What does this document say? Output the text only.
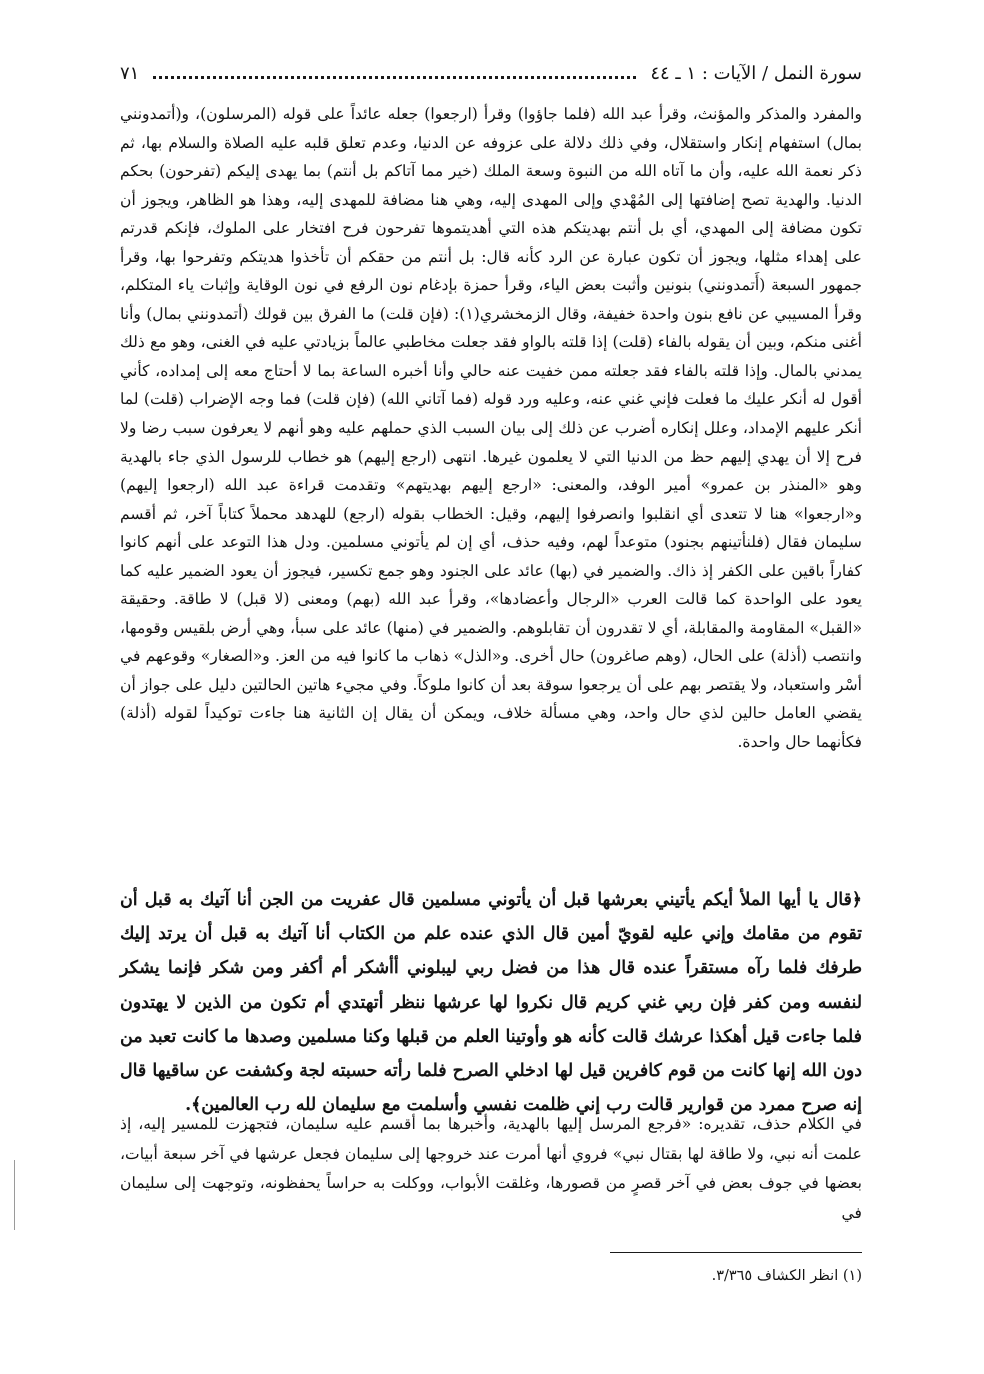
سورة النمل / الآيات : ١ ـ ٤٤
٧١

والمفرد والمذكر والمؤنث، وقرأ عبد الله (فلما جاؤوا) وقرأ (ارجعوا) جعله عائداً على قوله (المرسلون)، و(أتمدونني بمال) استفهام إنكار واستقلال، وفي ذلك دلالة على عزوفه عن الدنيا، وعدم تعلق قلبه عليه الصلاة والسلام بها، ثم ذكر نعمة الله عليه، وأن ما آتاه الله من النبوة وسعة الملك (خير مما آتاكم بل أنتم) بما يهدى إليكم (تفرحون) بحكم الدنيا. والهدية تصح إضافتها إلى المُهْدي وإلى المهدى إليه، وهي هنا مضافة للمهدى إليه، وهذا هو الظاهر، ويجوز أن تكون مضافة إلى المهدي، أي بل أنتم بهديتكم هذه التي أهديتموها تفرحون فرح افتخار على الملوك، فإنكم قدرتم على إهداء مثلها، ويجوز أن تكون عبارة عن الرد كأنه قال: بل أنتم من حقكم أن تأخذوا هديتكم وتفرحوا بها، وقرأ جمهور السبعة (أَتمدونني) بنونين وأثبت بعض الياء، وقرأ حمزة بإدغام نون الرفع في نون الوقاية وإثبات ياء المتكلم، وقرأ المسيبي عن نافع بنون واحدة خفيفة، وقال الزمخشري(١): (فإن قلت) ما الفرق بين قولك (أتمدونني بمال) وأنا أغنى منكم، وبين أن يقوله بالفاء (قلت) إذا قلته بالواو فقد جعلت مخاطبي عالماً بزيادتي عليه في الغنى، وهو مع ذلك يمدني بالمال. وإذا قلته بالفاء فقد جعلته ممن خفيت عنه حالي وأنا أخبره الساعة بما لا أحتاج معه إلى إمداده، كأني أقول له أنكر عليك ما فعلت فإني غني عنه، وعليه ورد قوله (فما آتاني الله) (فإن قلت) فما وجه الإضراب (قلت) لما أنكر عليهم الإمداد، وعلل إنكاره أضرب عن ذلك إلى بيان السبب الذي حملهم عليه وهو أنهم لا يعرفون سبب رضا ولا فرح إلا أن يهدي إليهم حظ من الدنيا التي لا يعلمون غيرها. انتهى (ارجع إليهم) هو خطاب للرسول الذي جاء بالهدية وهو «المنذر بن عمرو» أمير الوفد، والمعنى: «ارجع إليهم بهديتهم» وتقدمت قراءة عبد الله (ارجعوا إليهم) و«ارجعوا» هنا لا تتعدى أي انقلبوا وانصرفوا إليهم، وقيل: الخطاب بقوله (ارجع) للهدهد محملاً كتاباً آخر، ثم أقسم سليمان فقال (فلنأتينهم بجنود) متوعداً لهم، وفيه حذف، أي إن لم يأتوني مسلمين. ودل هذا التوعد على أنهم كانوا كفاراً باقين على الكفر إذ ذاك. والضمير في (بها) عائد على الجنود وهو جمع تكسير، فيجوز أن يعود الضمير عليه كما يعود على الواحدة كما قالت العرب «الرجال وأعضادها»، وقرأ عبد الله (بهم) ومعنى (لا قبل) لا طاقة. وحقيقة «القبل» المقاومة والمقابلة، أي لا تقدرون أن تقابلوهم. والضمير في (منها) عائد على سبأ، وهي أرض بلقيس وقومها، وانتصب (أذلة) على الحال، (وهم صاغرون) حال أخرى. و«الذل» ذهاب ما كانوا فيه من العز. و«الصغار» وقوعهم في أسْر واستعباد، ولا يقتصر بهم على أن يرجعوا سوقة بعد أن كانوا ملوكاً. وفي مجيء هاتين الحالتين دليل على جواز أن يقضي العامل حالين لذي حال واحد، وهي مسألة خلاف، ويمكن أن يقال إن الثانية هنا جاءت توكيداً لقوله (أذلة) فكأنهما حال واحدة.

﴿قال يا أيها الملأ أيكم يأتيني بعرشها قبل أن يأتوني مسلمين قال عفريت من الجن أنا آتيك به قبل أن تقوم من مقامك وإني عليه لقويّ أمين قال الذي عنده علم من الكتاب أنا آتيك به قبل أن يرتد إليك طرفك فلما رآه مستقراً عنده قال هذا من فضل ربي ليبلوني أأشكر أم أكفر ومن شكر فإنما يشكر لنفسه ومن كفر فإن ربي غني كريم قال نكروا لها عرشها ننظر أتهتدي أم تكون من الذين لا يهتدون فلما جاءت قيل أهكذا عرشك قالت كأنه هو وأوتينا العلم من قبلها وكنا مسلمين وصدها ما كانت تعبد من دون الله إنها كانت من قوم كافرين قيل لها ادخلي الصرح فلما رأته حسبته لجة وكشفت عن ساقيها قال إنه صرح ممرد من قوارير قالت رب إني ظلمت نفسي وأسلمت مع سليمان لله رب العالمين﴾.

في الكلام حذف، تقديره: «فرجع المرسل إليها بالهدية، وأخبرها بما أقسم عليه سليمان، فتجهزت للمسير إليه، إذ علمت أنه نبي، ولا طاقة لها بقتال نبي» فروي أنها أمرت عند خروجها إلى سليمان فجعل عرشها في آخر سبعة أبيات، بعضها في جوف بعض في آخر قصرٍ من قصورها، وغلقت الأبواب، ووكلت به حراساً يحفظونه، وتوجهت إلى سليمان في

(١) انظر الكشاف ٣/٣٦٥.
